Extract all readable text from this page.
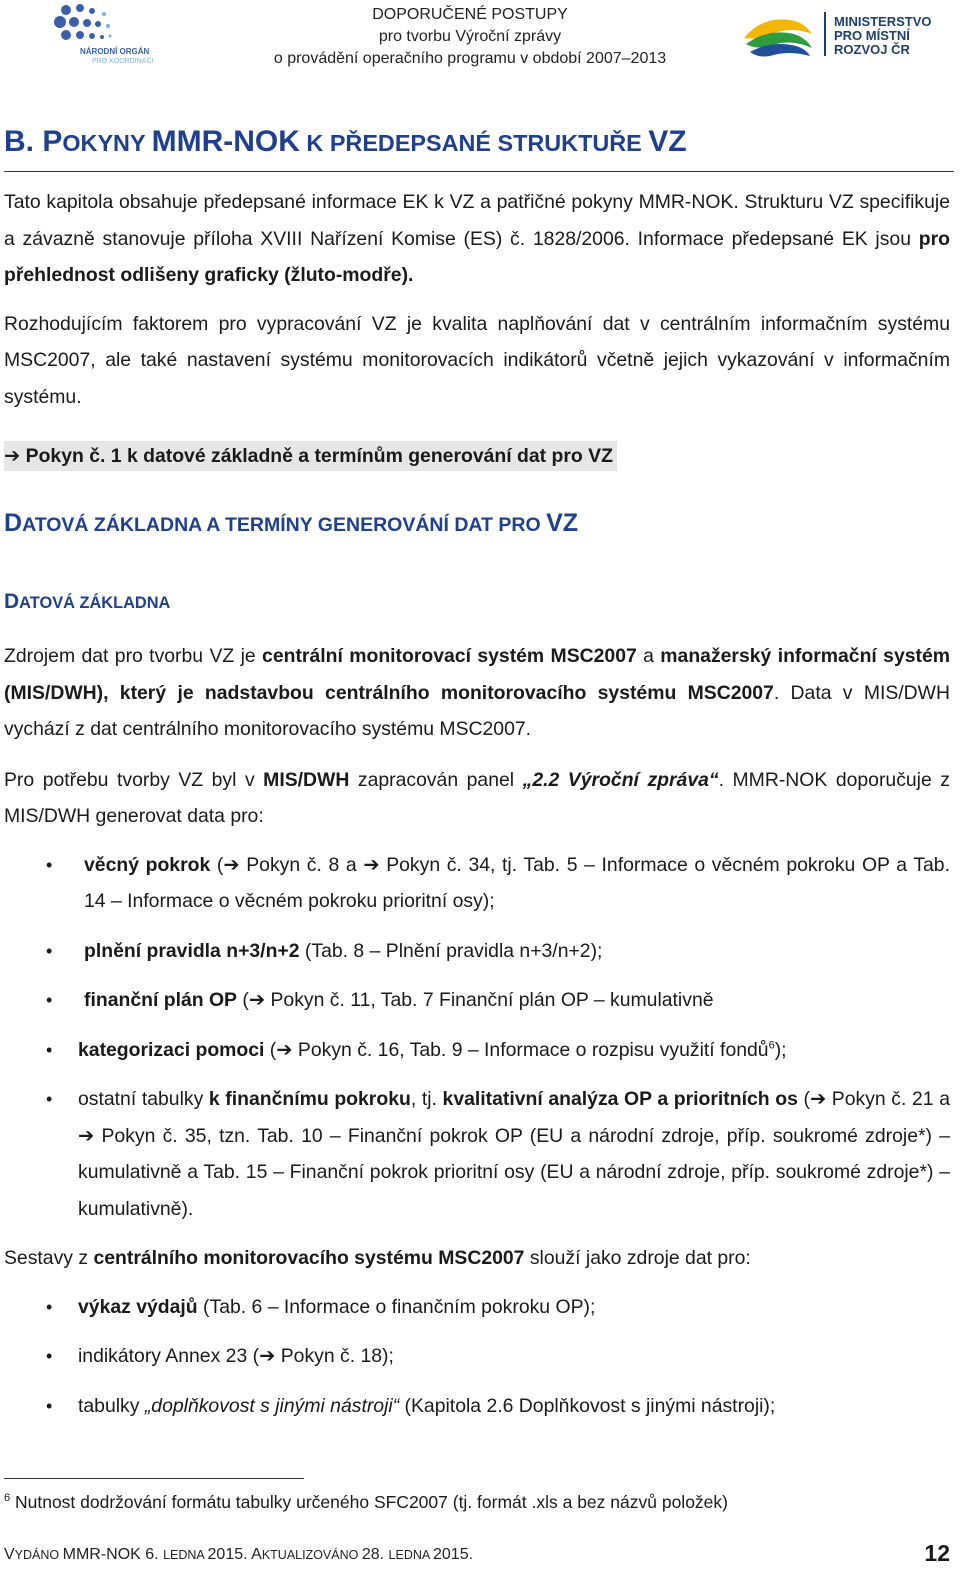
NÁRODNÍ ORGÁN
PRO KOORDINACI
DOPORUČENÉ POSTUPY
pro tvorbu Výroční zprávy
o provádění operačního programu v období 2007–2013
MINISTERSTVO
PRO MÍSTNÍ
ROZVOJ ČR
B. POKYNY MMR-NOK K PŘEDEPSANÉ STRUKTUŘE VZ

Tato kapitola obsahuje předepsané informace EK k VZ a patřičné pokyny MMR-NOK. Strukturu VZ specifikuje a závazně stanovuje příloha XVIII Nařízení Komise (ES) č. 1828/2006. Informace předepsané EK jsou pro přehlednost odlišeny graficky (žluto-modře).

Rozhodujícím faktorem pro vypracování VZ je kvalita naplňování dat v centrálním informačním systému MSC2007, ale také nastavení systému monitorovacích indikátorů včetně jejich vykazování v informačním systému.

➔ Pokyn č. 1 k datové základně a termínům generování dat pro VZ
DATOVÁ ZÁKLADNA A TERMÍNY GENEROVÁNÍ DAT PRO VZ
DATOVÁ ZÁKLADNA

Zdrojem dat pro tvorbu VZ je centrální monitorovací systém MSC2007 a manažerský informační systém (MIS/DWH), který je nadstavbou centrálního monitorovacího systému MSC2007. Data v MIS/DWH vychází z dat centrálního monitorovacího systému MSC2007.

Pro potřebu tvorby VZ byl v MIS/DWH zapracován panel „2.2 Výroční zpráva“. MMR-NOK doporučuje z MIS/DWH generovat data pro:

• věcný pokrok (➔ Pokyn č. 8 a ➔ Pokyn č. 34, tj. Tab. 5 – Informace o věcném pokroku OP a Tab. 14 – Informace o věcném pokroku prioritní osy);
• plnění pravidla n+3/n+2 (Tab. 8 – Plnění pravidla n+3/n+2);
• finanční plán OP (➔ Pokyn č. 11, Tab. 7 Finanční plán OP – kumulativně
• kategorizaci pomoci (➔ Pokyn č. 16, Tab. 9 – Informace o rozpisu využití fondů$^6$);
• ostatní tabulky k finančnímu pokroku, tj. kvalitativní analýza OP a prioritních os (➔ Pokyn č. 21 a ➔ Pokyn č. 35, tzn. Tab. 10 – Finanční pokrok OP (EU a národní zdroje, příp. soukromé zdroje*) – kumulativně a Tab. 15 – Finanční pokrok prioritní osy (EU a národní zdroje, příp. soukromé zdroje*) – kumulativně).

Sestavy z centrálního monitorovacího systému MSC2007 slouží jako zdroje dat pro:

• výkaz výdajů (Tab. 6 – Informace o finančním pokroku OP);
• indikátory Annex 23 (➔ Pokyn č. 18);
• tabulky „doplňkovost s jinými nástroji“ (Kapitola 2.6 Doplňkovost s jinými nástroji);
$^6$ Nutnost dodržování formátu tabulky určeného SFC2007 (tj. formát .xls a bez názvů položek)
VYDÁNO MMR-NOK 6. LEDNA 2015. AKTUALIZOVÁNO 28. LEDNA 2015.	12
